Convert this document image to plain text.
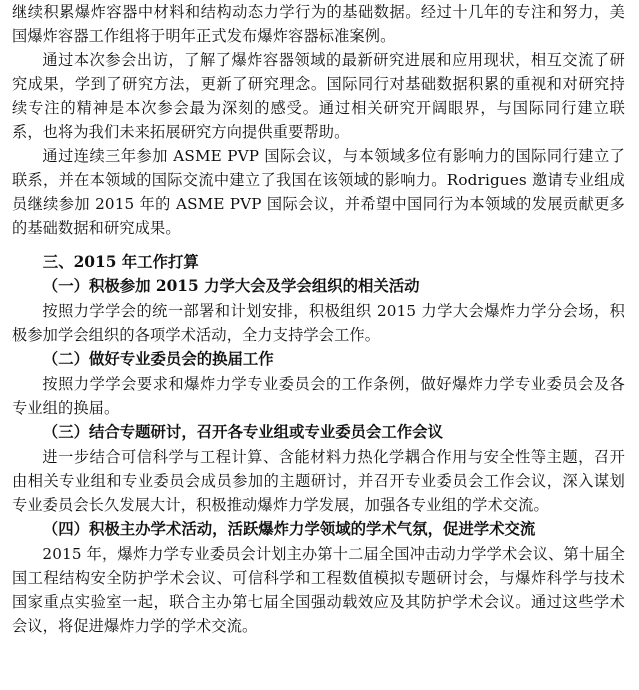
继续积累爆炸容器中材料和结构动态力学行为的基础数据。经过十几年的专注和努力，美国爆炸容器工作组将于明年正式发布爆炸容器标准案例。

通过本次参会出访，了解了爆炸容器领域的最新研究进展和应用现状，相互交流了研究成果，学到了研究方法，更新了研究理念。国际同行对基础数据积累的重视和对研究持续专注的精神是本次参会最为深刻的感受。通过相关研究开阔眼界，与国际同行建立联系，也将为我们未来拓展研究方向提供重要帮助。

通过连续三年参加 ASME PVP 国际会议，与本领域多位有影响力的国际同行建立了联系，并在本领域的国际交流中建立了我国在该领域的影响力。Rodrigues 邀请专业组成员继续参加 2015 年的 ASME PVP 国际会议，并希望中国同行为本领域的发展贡献更多的基础数据和研究成果。

三、2015 年工作打算
（一）积极参加 2015 力学大会及学会组织的相关活动

按照力学学会的统一部署和计划安排，积极组织 2015 力学大会爆炸力学分会场，积极参加学会组织的各项学术活动，全力支持学会工作。

（二）做好专业委员会的换届工作

按照力学学会要求和爆炸力学专业委员会的工作条例，做好爆炸力学专业委员会及各专业组的换届。

（三）结合专题研讨，召开各专业组或专业委员会工作会议

进一步结合可信科学与工程计算、含能材料力热化学耦合作用与安全性等主题，召开由相关专业组和专业委员会成员参加的主题研讨，并召开专业委员会工作会议，深入谋划专业委员会长久发展大计，积极推动爆炸力学发展，加强各专业组的学术交流。

（四）积极主办学术活动，活跃爆炸力学领域的学术气氛，促进学术交流

2015 年，爆炸力学专业委员会计划主办第十二届全国冲击动力学学术会议、第十届全国工程结构安全防护学术会议、可信科学和工程数值模拟专题研讨会，与爆炸科学与技术国家重点实验室一起，联合主办第七届全国强动载效应及其防护学术会议。通过这些学术会议，将促进爆炸力学的学术交流。
